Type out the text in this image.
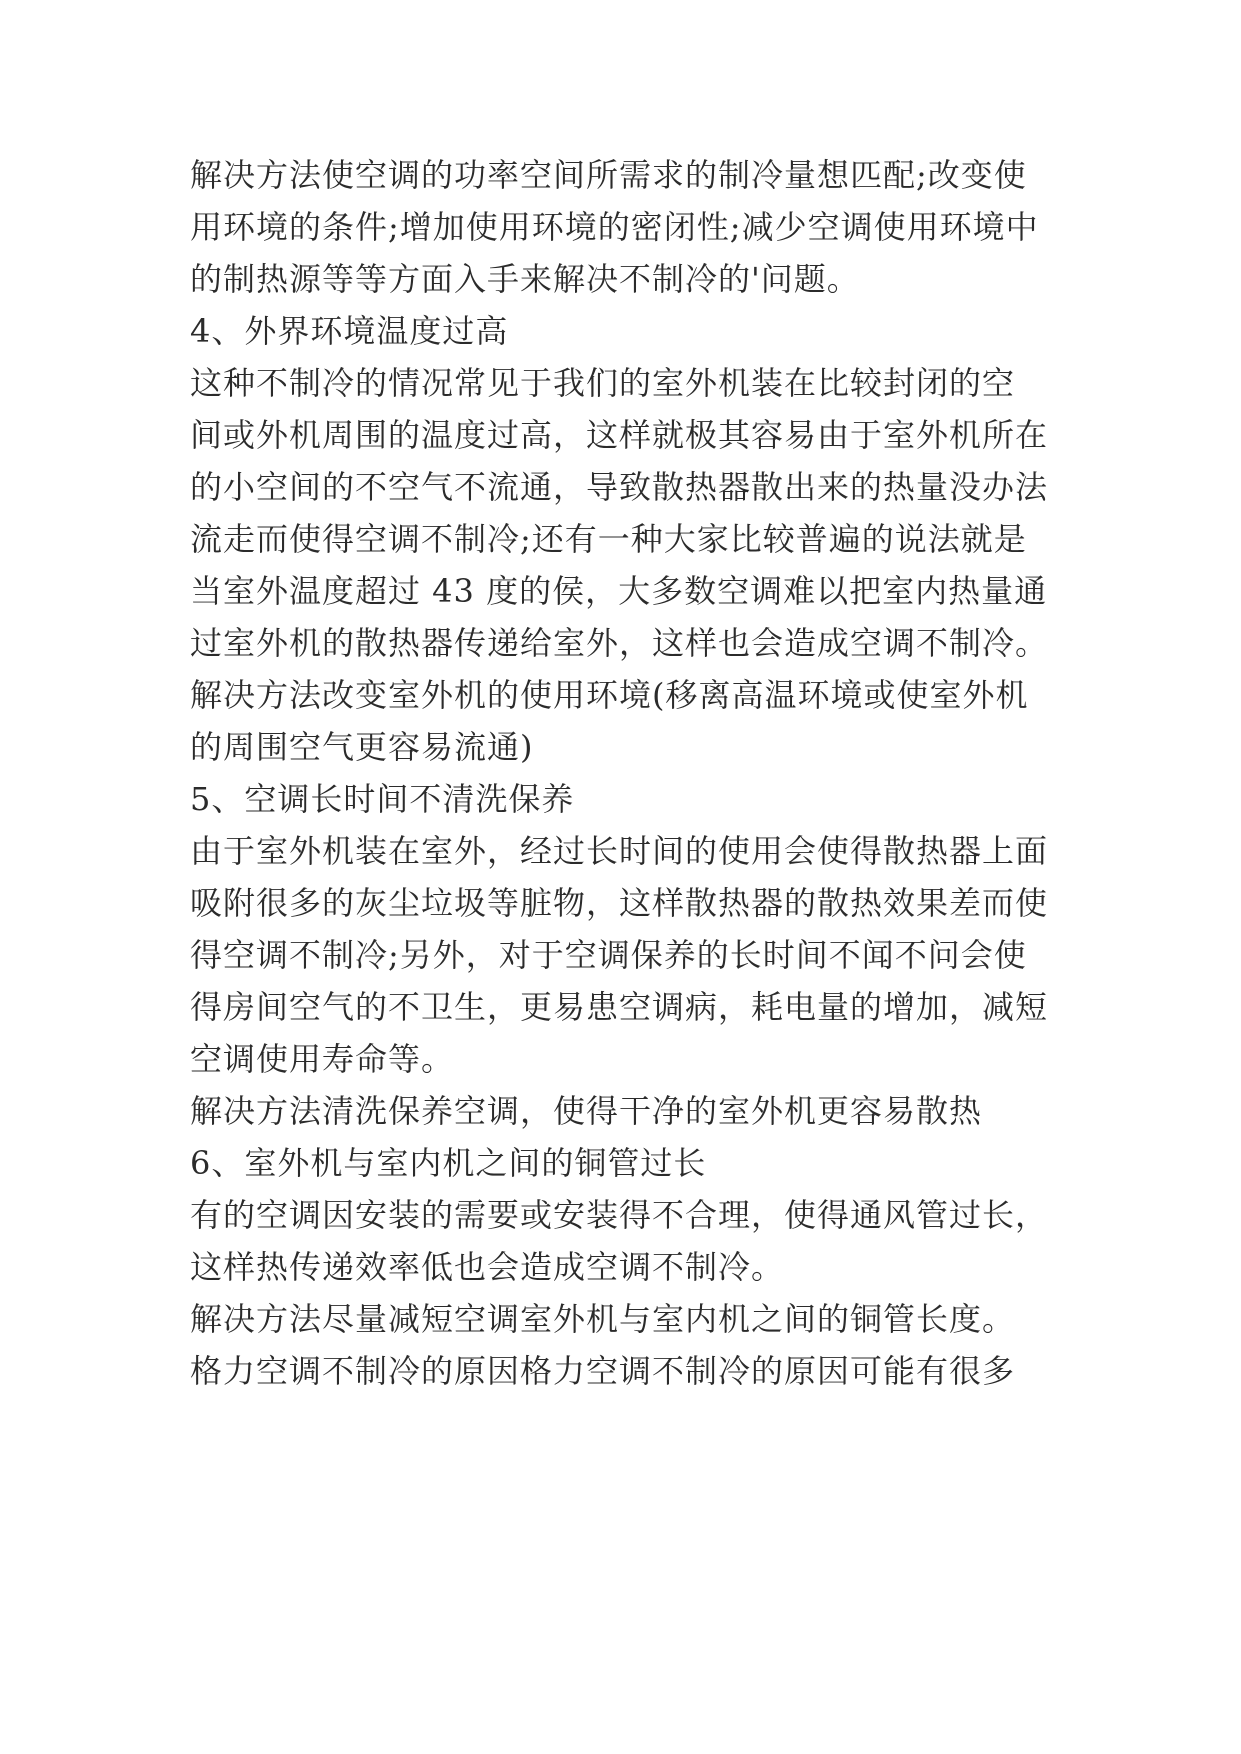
解决方法使空调的功率空间所需求的制冷量想匹配;改变使

用环境的条件;增加使用环境的密闭性;减少空调使用环境中

的制热源等等方面入手来解决不制冷的'问题。

4、外界环境温度过高

这种不制冷的情况常见于我们的室外机装在比较封闭的空

间或外机周围的温度过高，这样就极其容易由于室外机所在

的小空间的不空气不流通，导致散热器散出来的热量没办法

流走而使得空调不制冷;还有一种大家比较普遍的说法就是

当室外温度超过 43 度的侯，大多数空调难以把室内热量通

过室外机的散热器传递给室外，这样也会造成空调不制冷。

解决方法改变室外机的使用环境(移离高温环境或使室外机

的周围空气更容易流通)

5、空调长时间不清洗保养

由于室外机装在室外，经过长时间的使用会使得散热器上面

吸附很多的灰尘垃圾等脏物，这样散热器的散热效果差而使

得空调不制冷;另外，对于空调保养的长时间不闻不问会使

得房间空气的不卫生，更易患空调病，耗电量的增加，减短

空调使用寿命等。

解决方法清洗保养空调，使得干净的室外机更容易散热

6、室外机与室内机之间的铜管过长

有的空调因安装的需要或安装得不合理，使得通风管过长，

这样热传递效率低也会造成空调不制冷。

解决方法尽量减短空调室外机与室内机之间的铜管长度。

格力空调不制冷的原因格力空调不制冷的原因可能有很多
